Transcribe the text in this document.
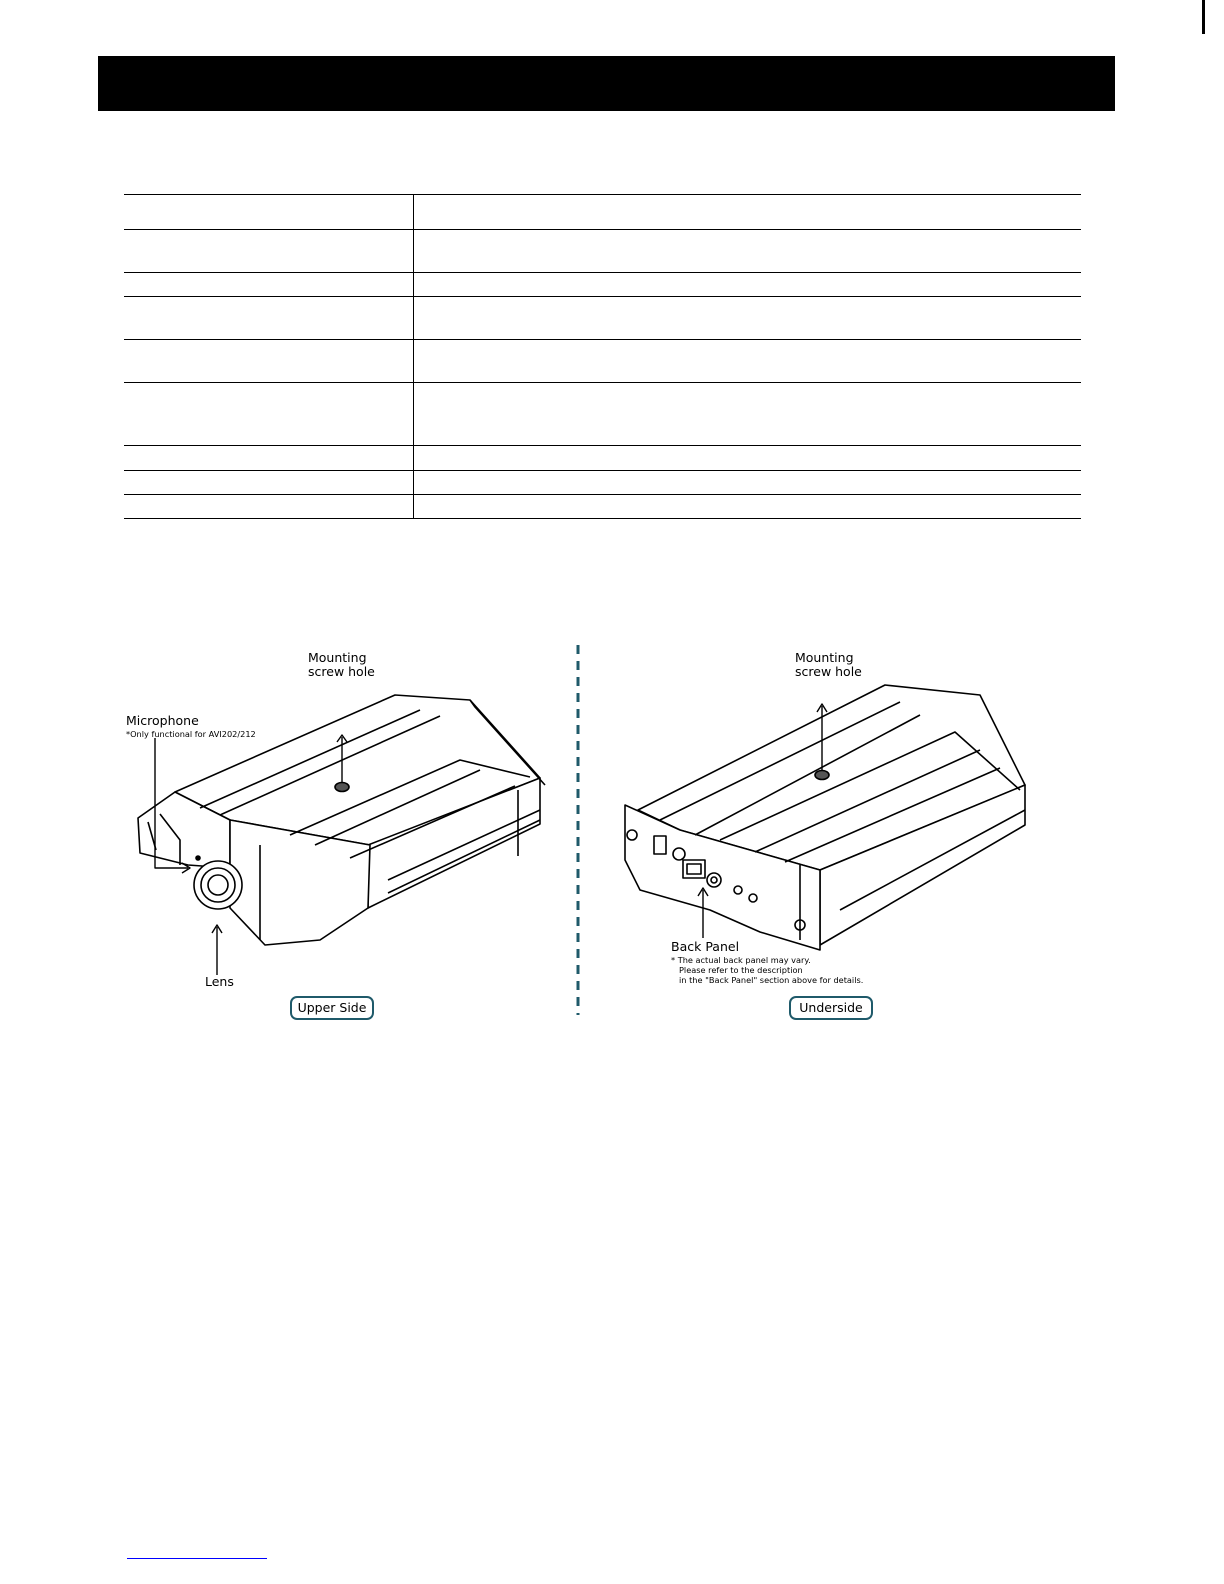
Mounting
screw hole
Microphone
*Only functional for AVI202/212
Lens
Upper Side
Mounting
screw hole
Back Panel
* The actual back panel may vary.
Please refer to the description
in the "Back Panel" section above for details.
Underside
